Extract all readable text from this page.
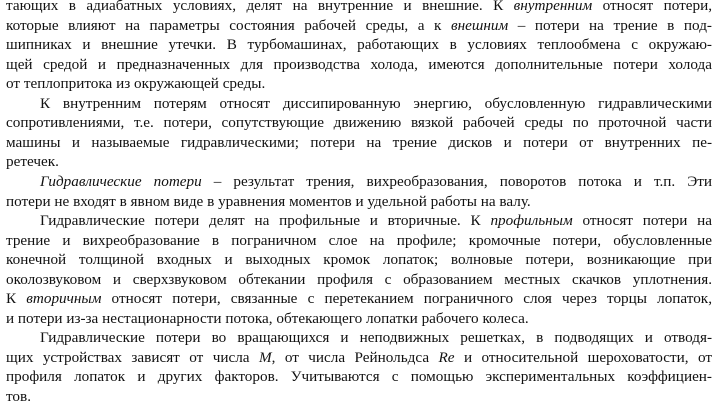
тающих в адиабатных условиях, делят на внутренние и внешние. К внутренним относят потери,
которые влияют на параметры состояния рабочей среды, а к внешним – потери на трение в под-
шипниках и внешние утечки. В турбомашинах, работающих в условиях теплообмена с окружаю-
щей средой и предназначенных для производства холода, имеются дополнительные потери холода
от теплопритока из окружающей среды.
К внутренним потерям относят диссипированную энергию, обусловленную гидравлическими
сопротивлениями, т.е. потери, сопутствующие движению вязкой рабочей среды по проточной части
машины и называемые гидравлическими; потери на трение дисков и потери от внутренних пе-
ретечек.
Гидравлические потери – результат трения, вихреобразования, поворотов потока и т.п. Эти
потери не входят в явном виде в уравнения моментов и удельной работы на валу.
Гидравлические потери делят на профильные и вторичные. К профильным относят потери на
трение и вихреобразование в пограничном слое на профиле; кромочные потери, обусловленные
конечной толщиной входных и выходных кромок лопаток; волновые потери, возникающие при
околозвуковом и сверхзвуковом обтекании профиля с образованием местных скачков уплотнения.
К вторичным относят потери, связанные с перетеканием пограничного слоя через торцы лопаток,
и потери из-за нестационарности потока, обтекающего лопатки рабочего колеса.
Гидравлические потери во вращающихся и неподвижных решетках, в подводящих и отводя-
щих устройствах зависят от числа M, от числа Рейнольдса Re и относительной шероховатости, от
профиля лопаток и других факторов. Учитываются с помощью экспериментальных коэффициен-
тов.
